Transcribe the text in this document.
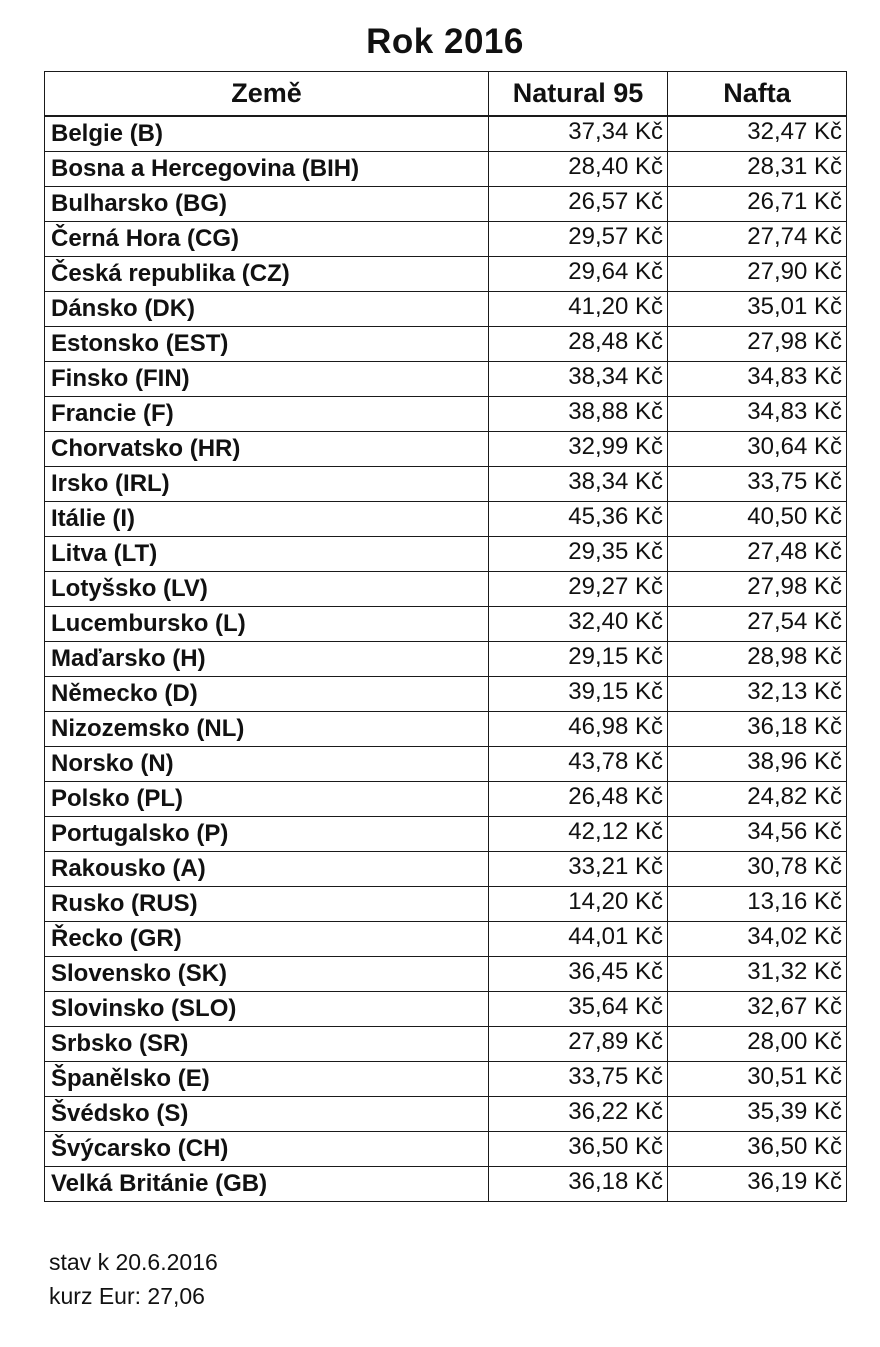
Rok 2016
Země	Natural 95	Nafta
Belgie (B)	37,34 Kč	32,47 Kč
Bosna a Hercegovina (BIH)	28,40 Kč	28,31 Kč
Bulharsko (BG)	26,57 Kč	26,71 Kč
Černá Hora (CG)	29,57 Kč	27,74 Kč
Česká republika (CZ)	29,64 Kč	27,90 Kč
Dánsko (DK)	41,20 Kč	35,01 Kč
Estonsko (EST)	28,48 Kč	27,98 Kč
Finsko (FIN)	38,34 Kč	34,83 Kč
Francie (F)	38,88 Kč	34,83 Kč
Chorvatsko (HR)	32,99 Kč	30,64 Kč
Irsko (IRL)	38,34 Kč	33,75 Kč
Itálie (I)	45,36 Kč	40,50 Kč
Litva (LT)	29,35 Kč	27,48 Kč
Lotyšsko (LV)	29,27 Kč	27,98 Kč
Lucembursko (L)	32,40 Kč	27,54 Kč
Maďarsko (H)	29,15 Kč	28,98 Kč
Německo (D)	39,15 Kč	32,13 Kč
Nizozemsko (NL)	46,98 Kč	36,18 Kč
Norsko (N)	43,78 Kč	38,96 Kč
Polsko (PL)	26,48 Kč	24,82 Kč
Portugalsko (P)	42,12 Kč	34,56 Kč
Rakousko (A)	33,21 Kč	30,78 Kč
Rusko (RUS)	14,20 Kč	13,16 Kč
Řecko (GR)	44,01 Kč	34,02 Kč
Slovensko (SK)	36,45 Kč	31,32 Kč
Slovinsko (SLO)	35,64 Kč	32,67 Kč
Srbsko (SR)	27,89 Kč	28,00 Kč
Španělsko (E)	33,75 Kč	30,51 Kč
Švédsko (S)	36,22 Kč	35,39 Kč
Švýcarsko (CH)	36,50 Kč	36,50 Kč
Velká Británie (GB)	36,18 Kč	36,19 Kč
stav k 20.6.2016
kurz Eur: 27,06
